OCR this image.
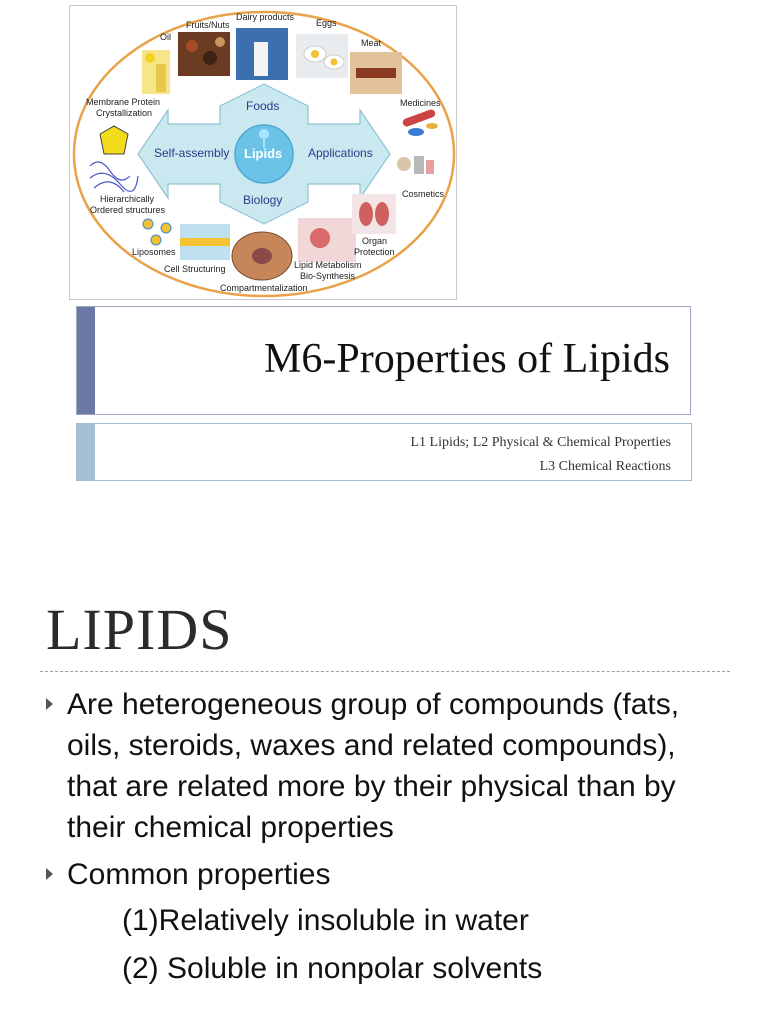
Fruits/Nuts
Dairy products
Eggs
Oil
Meat
Membrane Protein
Crystallization
Medicines
Cosmetics
Hierarchically
Ordered structures
Liposomes
Cell Structuring
Compartmentalization
Lipid Metabolism
Bio-Synthesis
Organ
Protection
Foods
Biology
Self-assembly	Applications
Lipids
M6-Properties of Lipids
L1 Lipids; L2 Physical & Chemical Properties
L3 Chemical Reactions
LIPIDS
Are heterogeneous group of compounds (fats, oils, steroids, waxes and related compounds), that are related more by their physical than by their chemical properties
Common properties
(1)Relatively insoluble in water
(2) Soluble in nonpolar solvents
